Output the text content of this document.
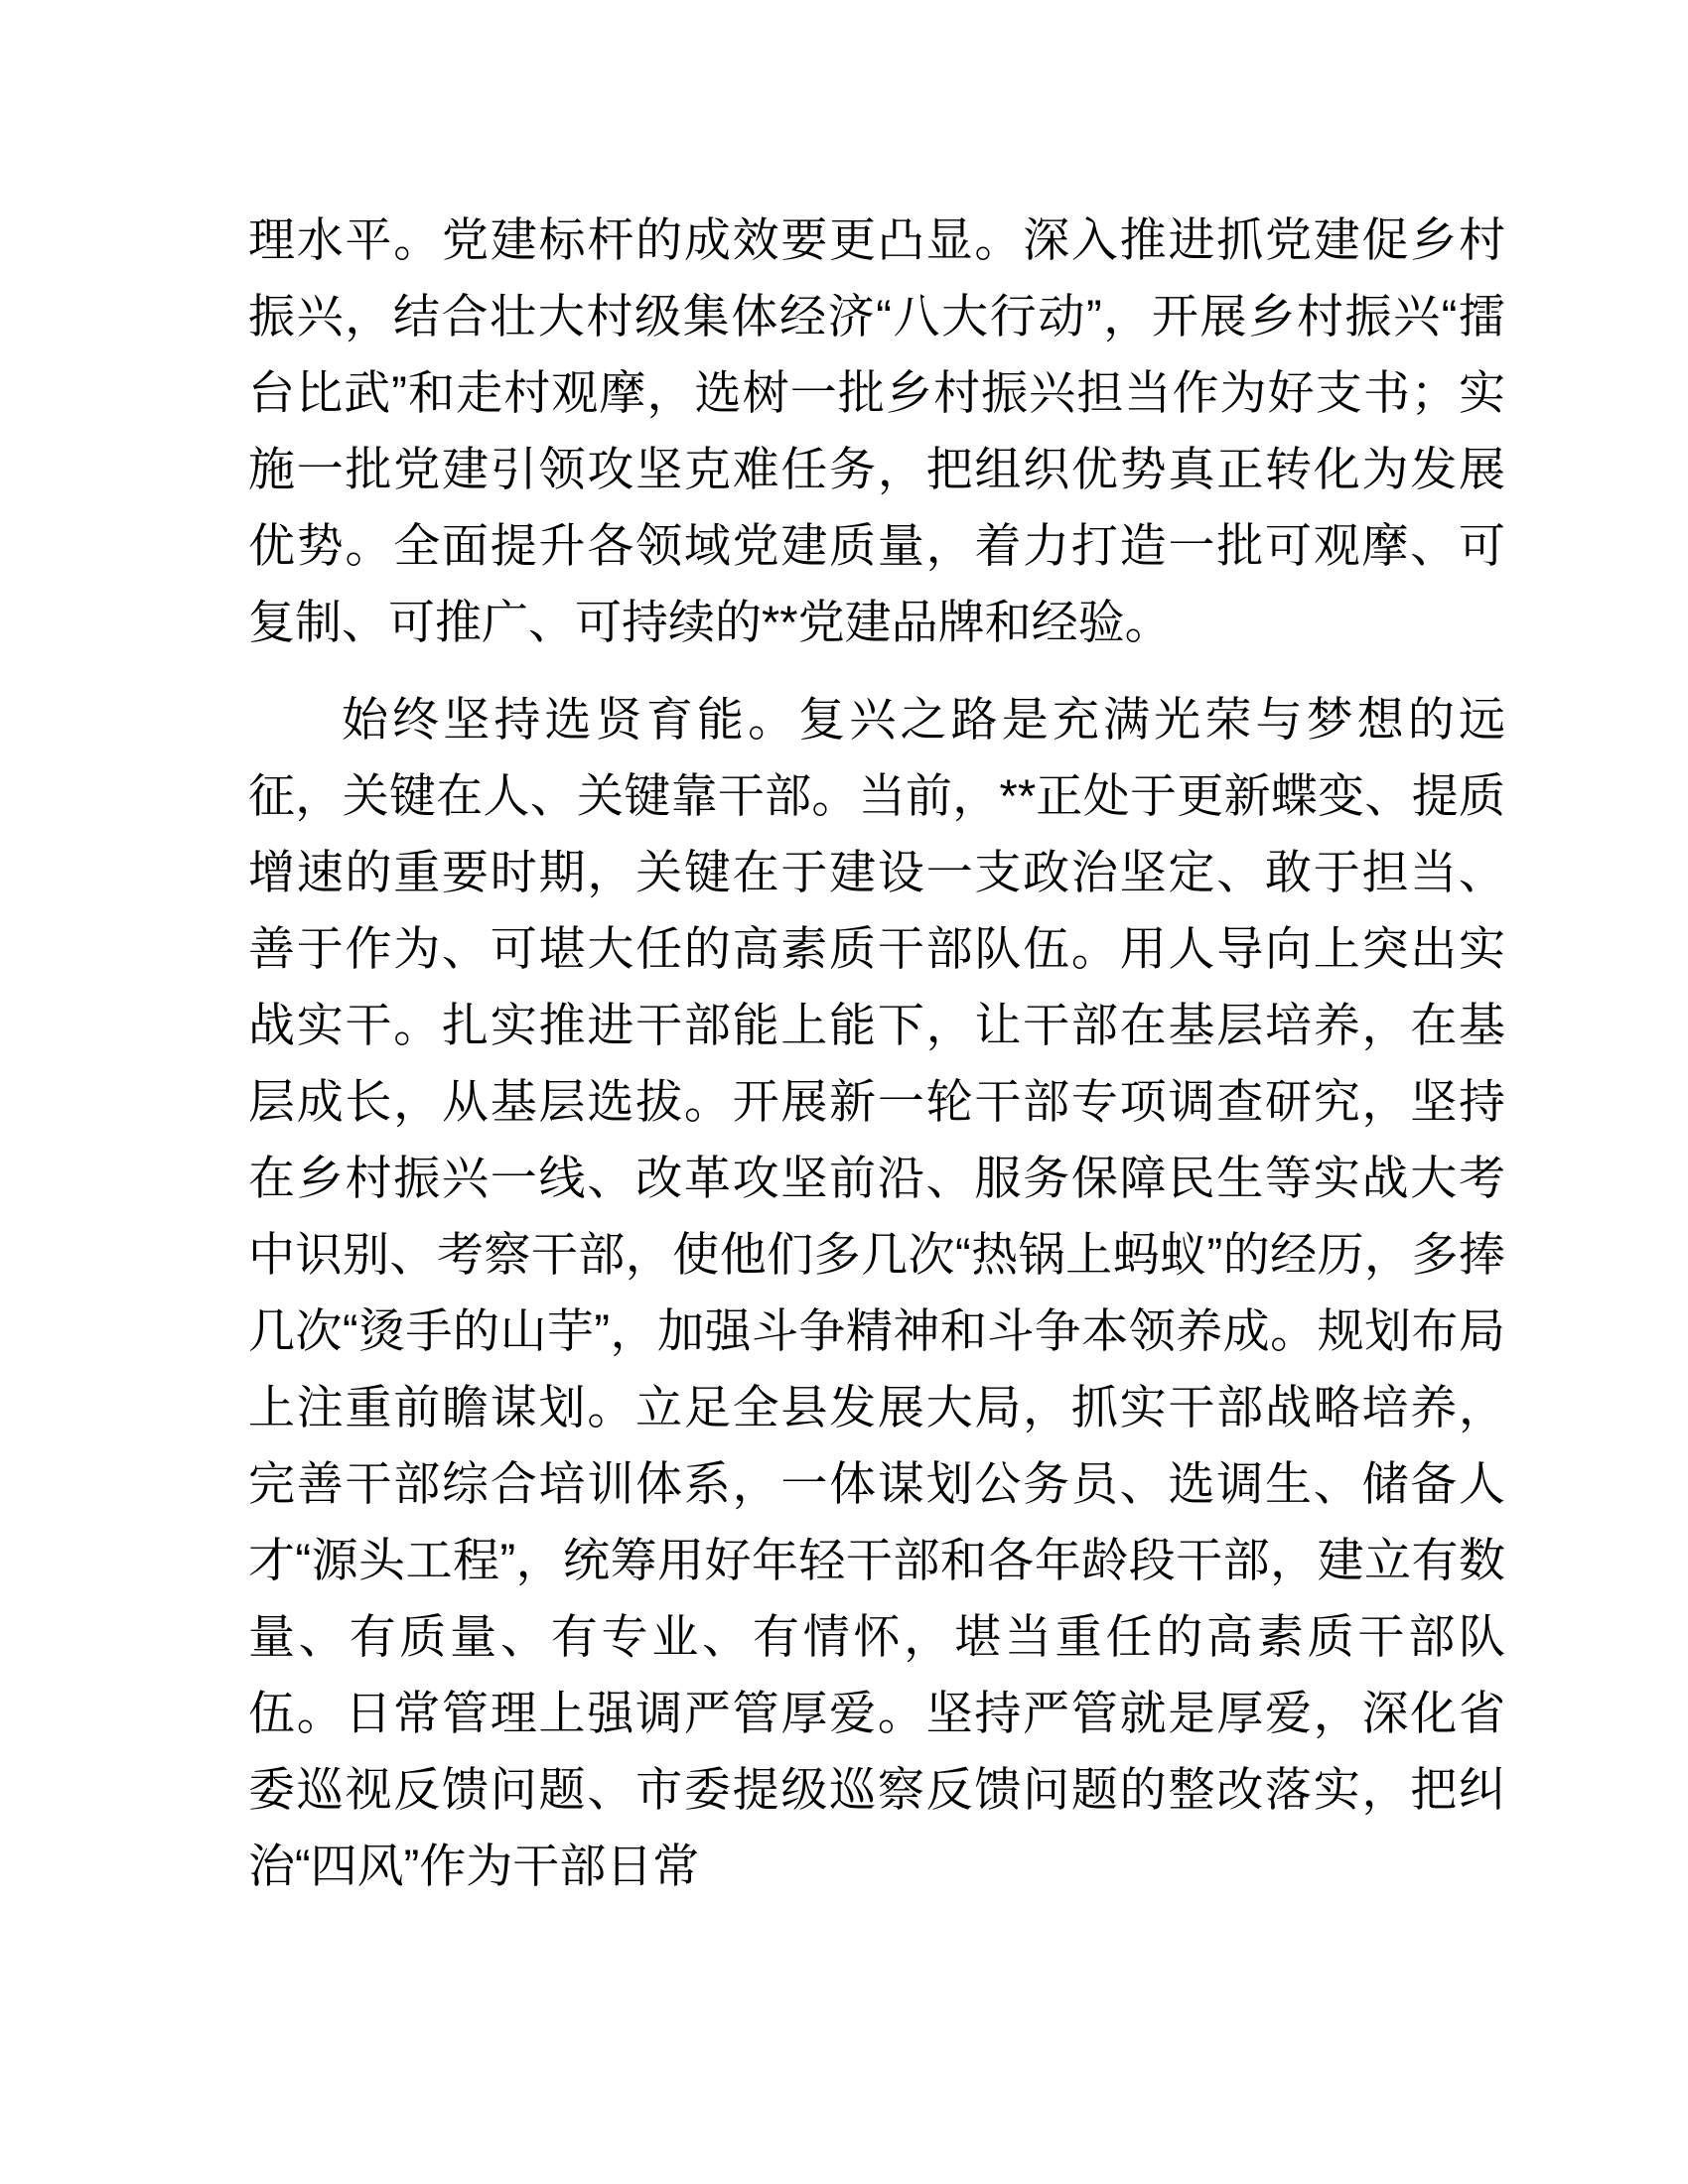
理水平。党建标杆的成效要更凸显。深入推进抓党建促乡村振兴，结合壮大村级集体经济“八大行动”，开展乡村振兴“擂台比武”和走村观摩，选树一批乡村振兴担当作为好支书；实施一批党建引领攻坚克难任务，把组织优势真正转化为发展优势。全面提升各领域党建质量，着力打造一批可观摩、可复制、可推广、可持续的**党建品牌和经验。

始终坚持选贤育能。复兴之路是充满光荣与梦想的远征，关键在人、关键靠干部。当前，**正处于更新蝶变、提质增速的重要时期，关键在于建设一支政治坚定、敢于担当、善于作为、可堪大任的高素质干部队伍。用人导向上突出实战实干。扎实推进干部能上能下，让干部在基层培养，在基层成长，从基层选拔。开展新一轮干部专项调查研究，坚持在乡村振兴一线、改革攻坚前沿、服务保障民生等实战大考中识别、考察干部，使他们多几次“热锅上蚂蚁”的经历，多捧几次“烫手的山芋”，加强斗争精神和斗争本领养成。规划布局上注重前瞻谋划。立足全县发展大局，抓实干部战略培养，完善干部综合培训体系，一体谋划公务员、选调生、储备人才“源头工程”，统筹用好年轻干部和各年龄段干部，建立有数量、有质量、有专业、有情怀，堪当重任的高素质干部队伍。日常管理上强调严管厚爱。坚持严管就是厚爱，深化省委巡视反馈问题、市委提级巡察反馈问题的整改落实，把纠治“四风”作为干部日常
